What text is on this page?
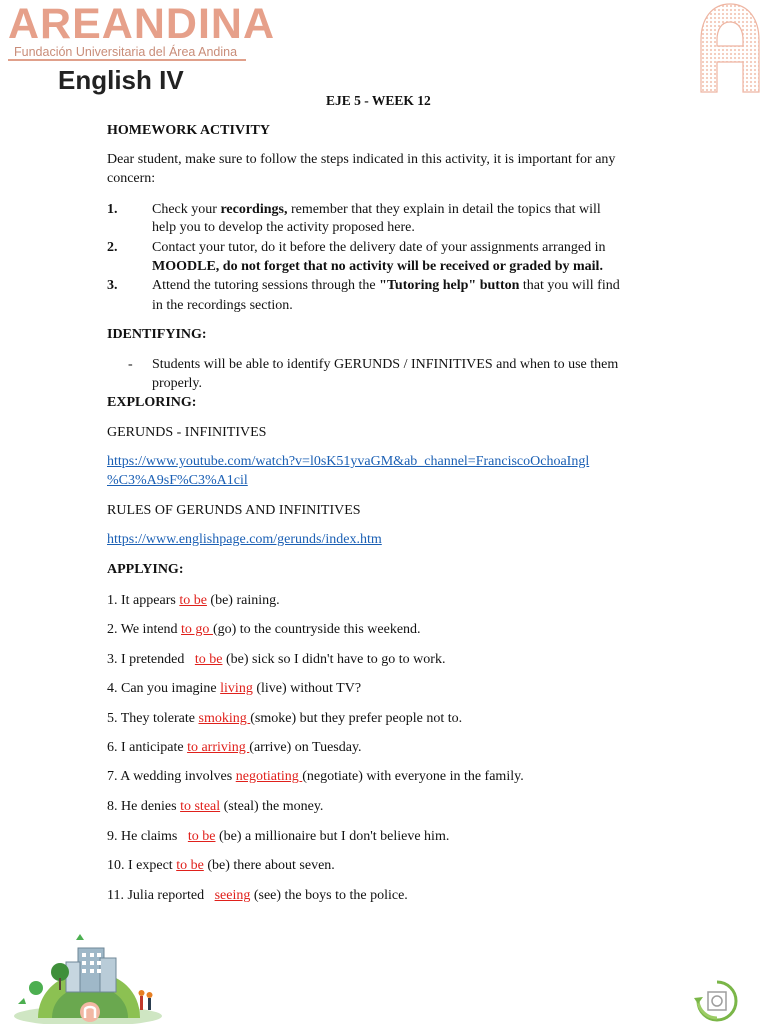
AREANDINA
Fundación Universitaria del Área Andina
English IV
EJE 5 - WEEK 12
HOMEWORK ACTIVITY
Dear student, make sure to follow the steps indicated in this activity, it is important for any
concern:
1. Check your recordings, remember that they explain in detail the topics that will
help you to develop the activity proposed here.
2. Contact your tutor, do it before the delivery date of your assignments arranged in
MOODLE, do not forget that no activity will be received or graded by mail.
3. Attend the tutoring sessions through the "Tutoring help" button that you will find
in the recordings section.
IDENTIFYING:
- Students will be able to identify GERUNDS / INFINITIVES and when to use them
properly.
EXPLORING:
GERUNDS - INFINITIVES
https://www.youtube.com/watch?v=l0sK51yvaGM&ab_channel=FranciscoOchoaIngl
%C3%A9sF%C3%A1cil
RULES OF GERUNDS AND INFINITIVES
https://www.englishpage.com/gerunds/index.htm
APPLYING:
1. It appears to be (be) raining.
2. We intend to go (go) to the countryside this weekend.
3. I pretended   to be (be) sick so I didn't have to go to work.
4. Can you imagine living (live) without TV?
5. They tolerate smoking (smoke) but they prefer people not to.
6. I anticipate to arriving (arrive) on Tuesday.
7. A wedding involves negotiating (negotiate) with everyone in the family.
8. He denies to steal (steal) the money.
9. He claims   to be (be) a millionaire but I don't believe him.
10. I expect to be (be) there about seven.
11. Julia reported   seeing (see) the boys to the police.
